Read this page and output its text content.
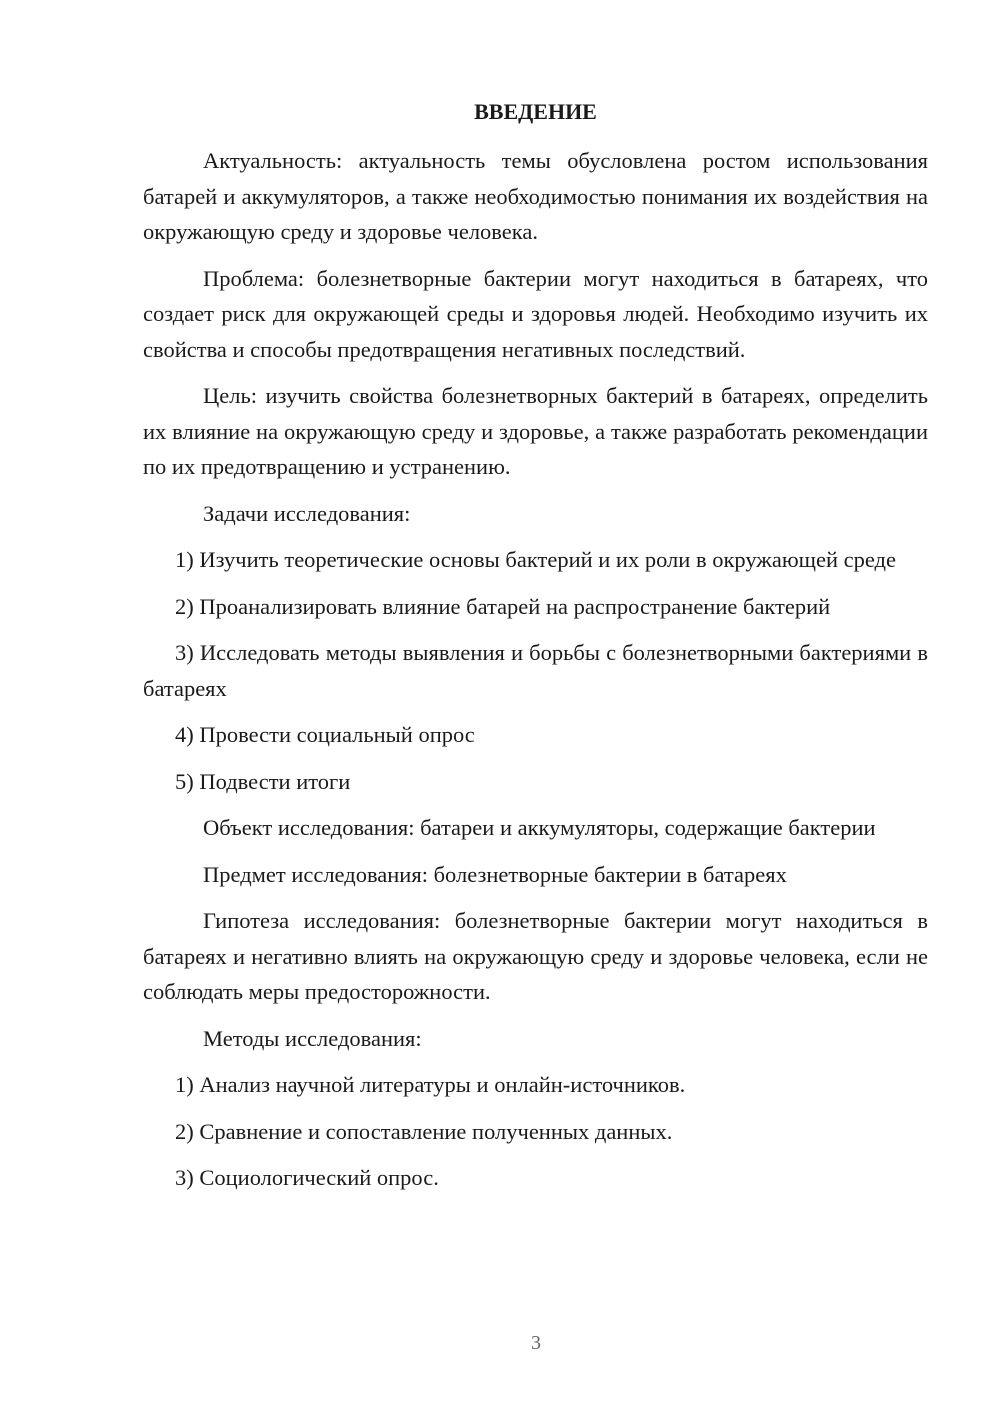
ВВЕДЕНИЕ

Актуальность: актуальность темы обусловлена ростом использования батарей и аккумуляторов, а также необходимостью понимания их воздействия на окружающую среду и здоровье человека.

Проблема: болезнетворные бактерии могут находиться в батареях, что создает риск для окружающей среды и здоровья людей. Необходимо изучить их свойства и способы предотвращения негативных последствий.

Цель: изучить свойства болезнетворных бактерий в батареях, определить их влияние на окружающую среду и здоровье, а также разработать рекомендации по их предотвращению и устранению.

Задачи исследования:

1) Изучить теоретические основы бактерий и их роли в окружающей среде

2) Проанализировать влияние батарей на распространение бактерий

3) Исследовать методы выявления и борьбы с болезнетворными бактериями в батареях

4) Провести социальный опрос

5) Подвести итоги

Объект исследования: батареи и аккумуляторы, содержащие бактерии

Предмет исследования: болезнетворные бактерии в батареях

Гипотеза исследования: болезнетворные бактерии могут находиться в батареях и негативно влиять на окружающую среду и здоровье человека, если не соблюдать меры предосторожности.

Методы исследования:

1) Анализ научной литературы и онлайн-источников.

2) Сравнение и сопоставление полученных данных.

3) Социологический опрос.

3
